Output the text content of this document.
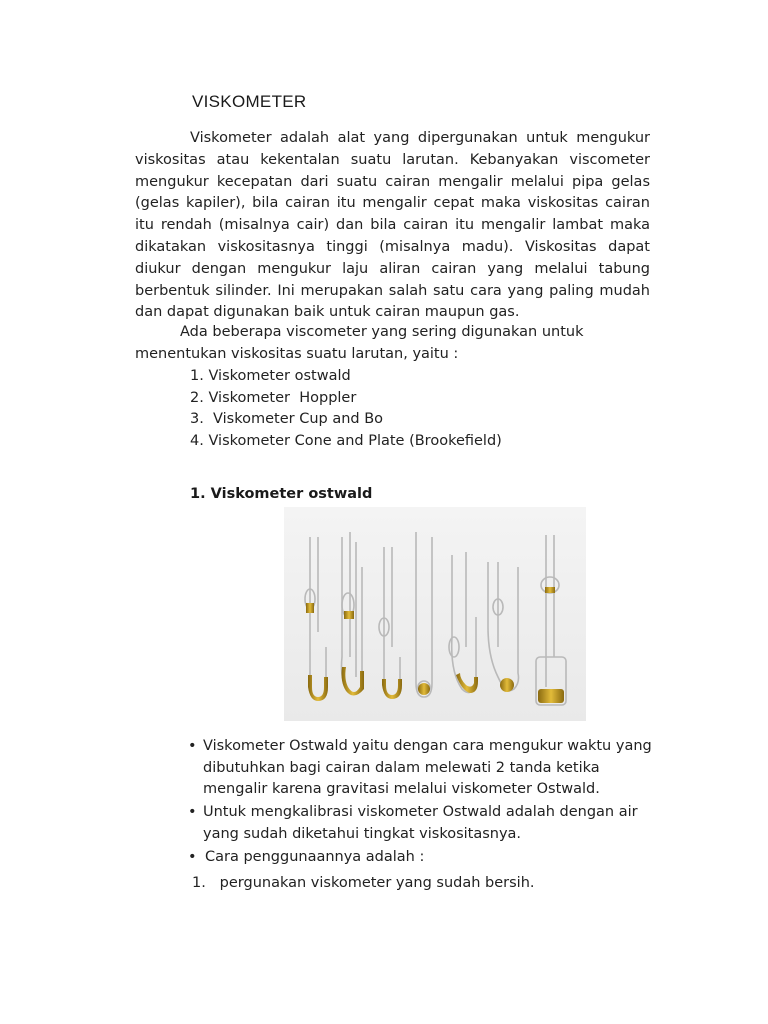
VISKOMETER

Viskometer adalah alat yang dipergunakan untuk mengukur viskositas atau kekentalan suatu larutan. Kebanyakan viscometer mengukur kecepatan dari suatu cairan mengalir melalui pipa gelas (gelas kapiler), bila cairan itu mengalir cepat maka viskositas cairan itu rendah (misalnya cair) dan bila cairan itu mengalir lambat maka dikatakan viskositasnya tinggi (misalnya madu). Viskositas dapat diukur dengan mengukur laju aliran cairan yang melalui tabung berbentuk silinder. Ini merupakan salah satu cara yang paling mudah dan dapat digunakan baik untuk cairan maupun gas.

Ada beberapa viscometer yang sering digunakan untuk menentukan viskositas suatu larutan, yaitu :

1. Viskometer ostwald
2. Viskometer  Hoppler
3.  Viskometer Cup and Bo
4. Viskometer Cone and Plate (Brookefield)
1. Viskometer ostwald
• Viskometer Ostwald yaitu dengan cara mengukur waktu yang dibutuhkan bagi cairan dalam melewati 2 tanda ketika mengalir karena gravitasi melalui viskometer Ostwald.
• Untuk mengkalibrasi viskometer Ostwald adalah dengan air yang sudah diketahui tingkat viskositasnya.
• Cara penggunaannya adalah :
1.   pergunakan viskometer yang sudah bersih.
